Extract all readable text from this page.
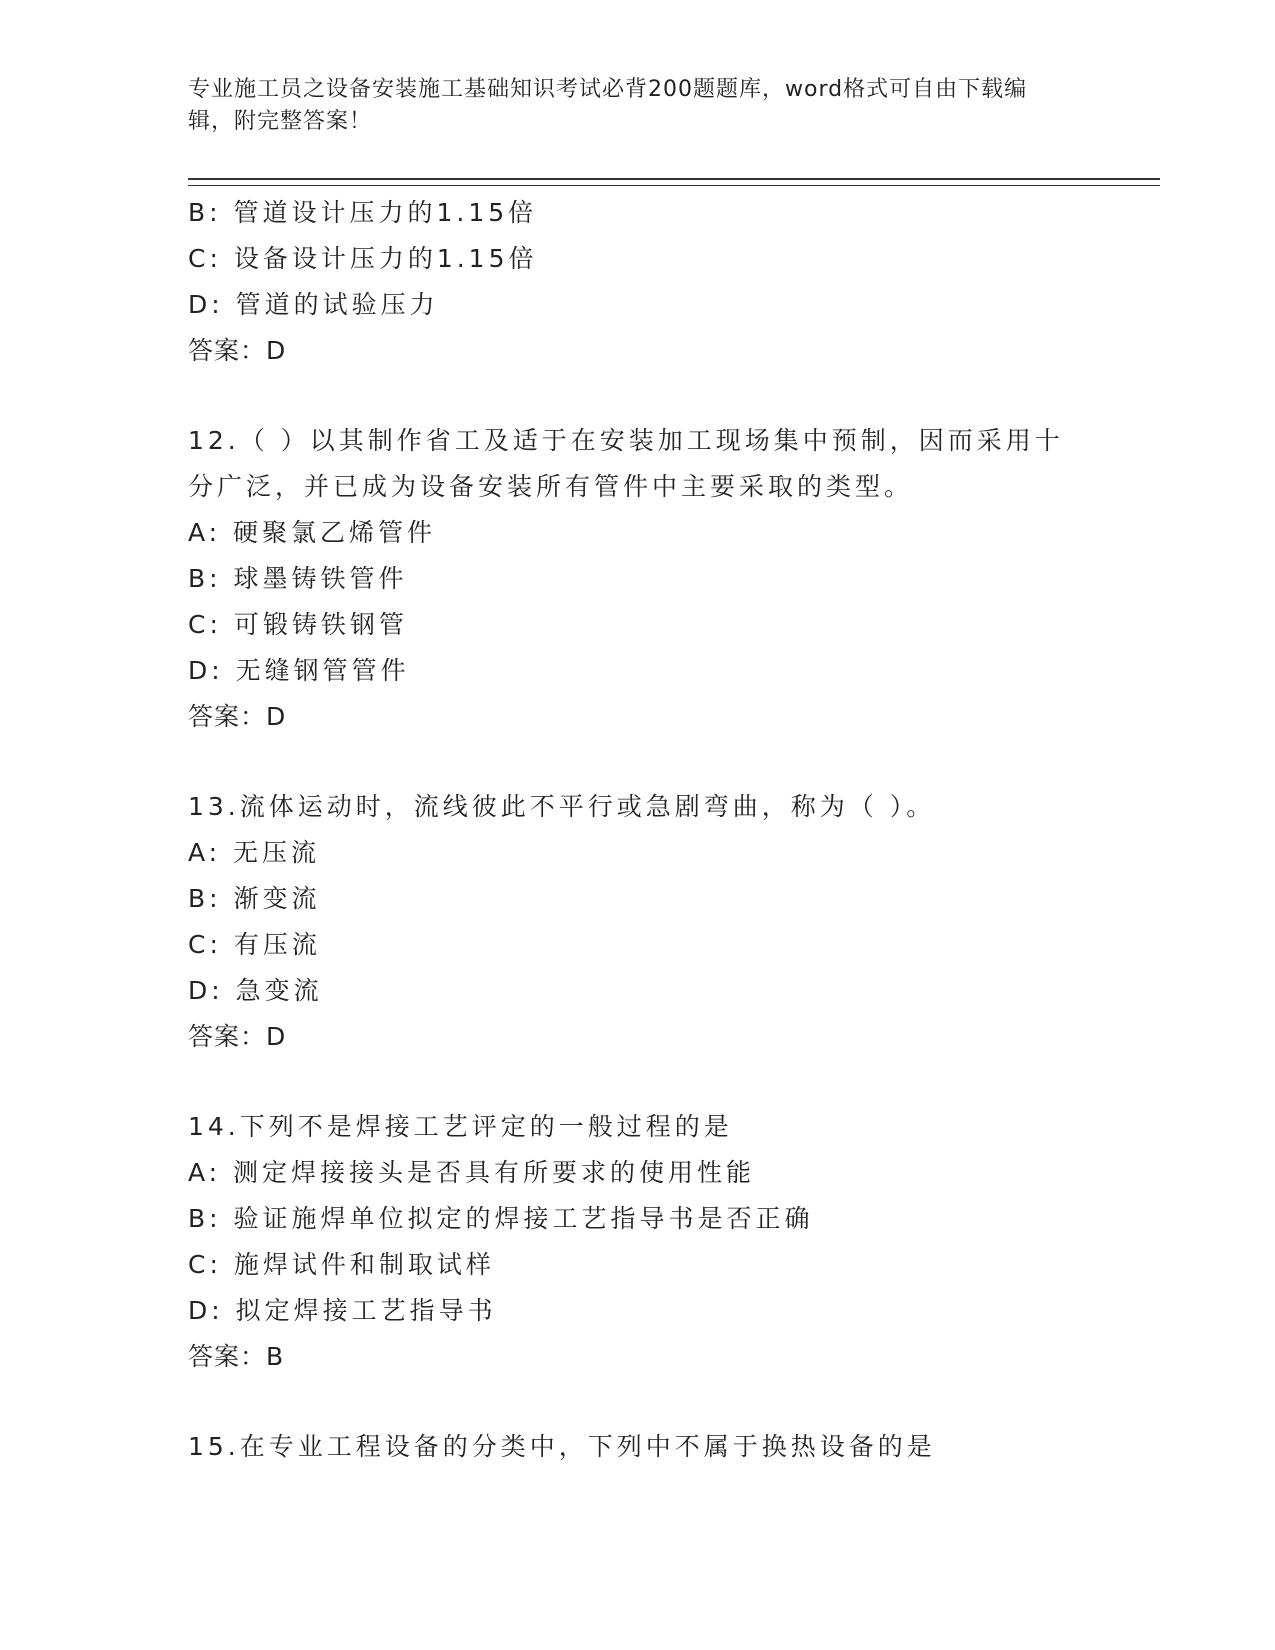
专业施工员之设备安装施工基础知识考试必背200题题库，word格式可自由下载编辑，附完整答案！
B: 管道设计压力的1.15倍
C: 设备设计压力的1.15倍
D: 管道的试验压力
答案：D
12.（ ）以其制作省工及适于在安装加工现场集中预制，因而采用十分广泛，并已成为设备安装所有管件中主要采取的类型。
A: 硬聚氯乙烯管件
B: 球墨铸铁管件
C: 可锻铸铁钢管
D: 无缝钢管管件
答案：D
13.流体运动时，流线彼此不平行或急剧弯曲，称为（ ）。
A: 无压流
B: 渐变流
C: 有压流
D: 急变流
答案：D
14.下列不是焊接工艺评定的一般过程的是
A: 测定焊接接头是否具有所要求的使用性能
B: 验证施焊单位拟定的焊接工艺指导书是否正确
C: 施焊试件和制取试样
D: 拟定焊接工艺指导书
答案：B
15.在专业工程设备的分类中，下列中不属于换热设备的是
